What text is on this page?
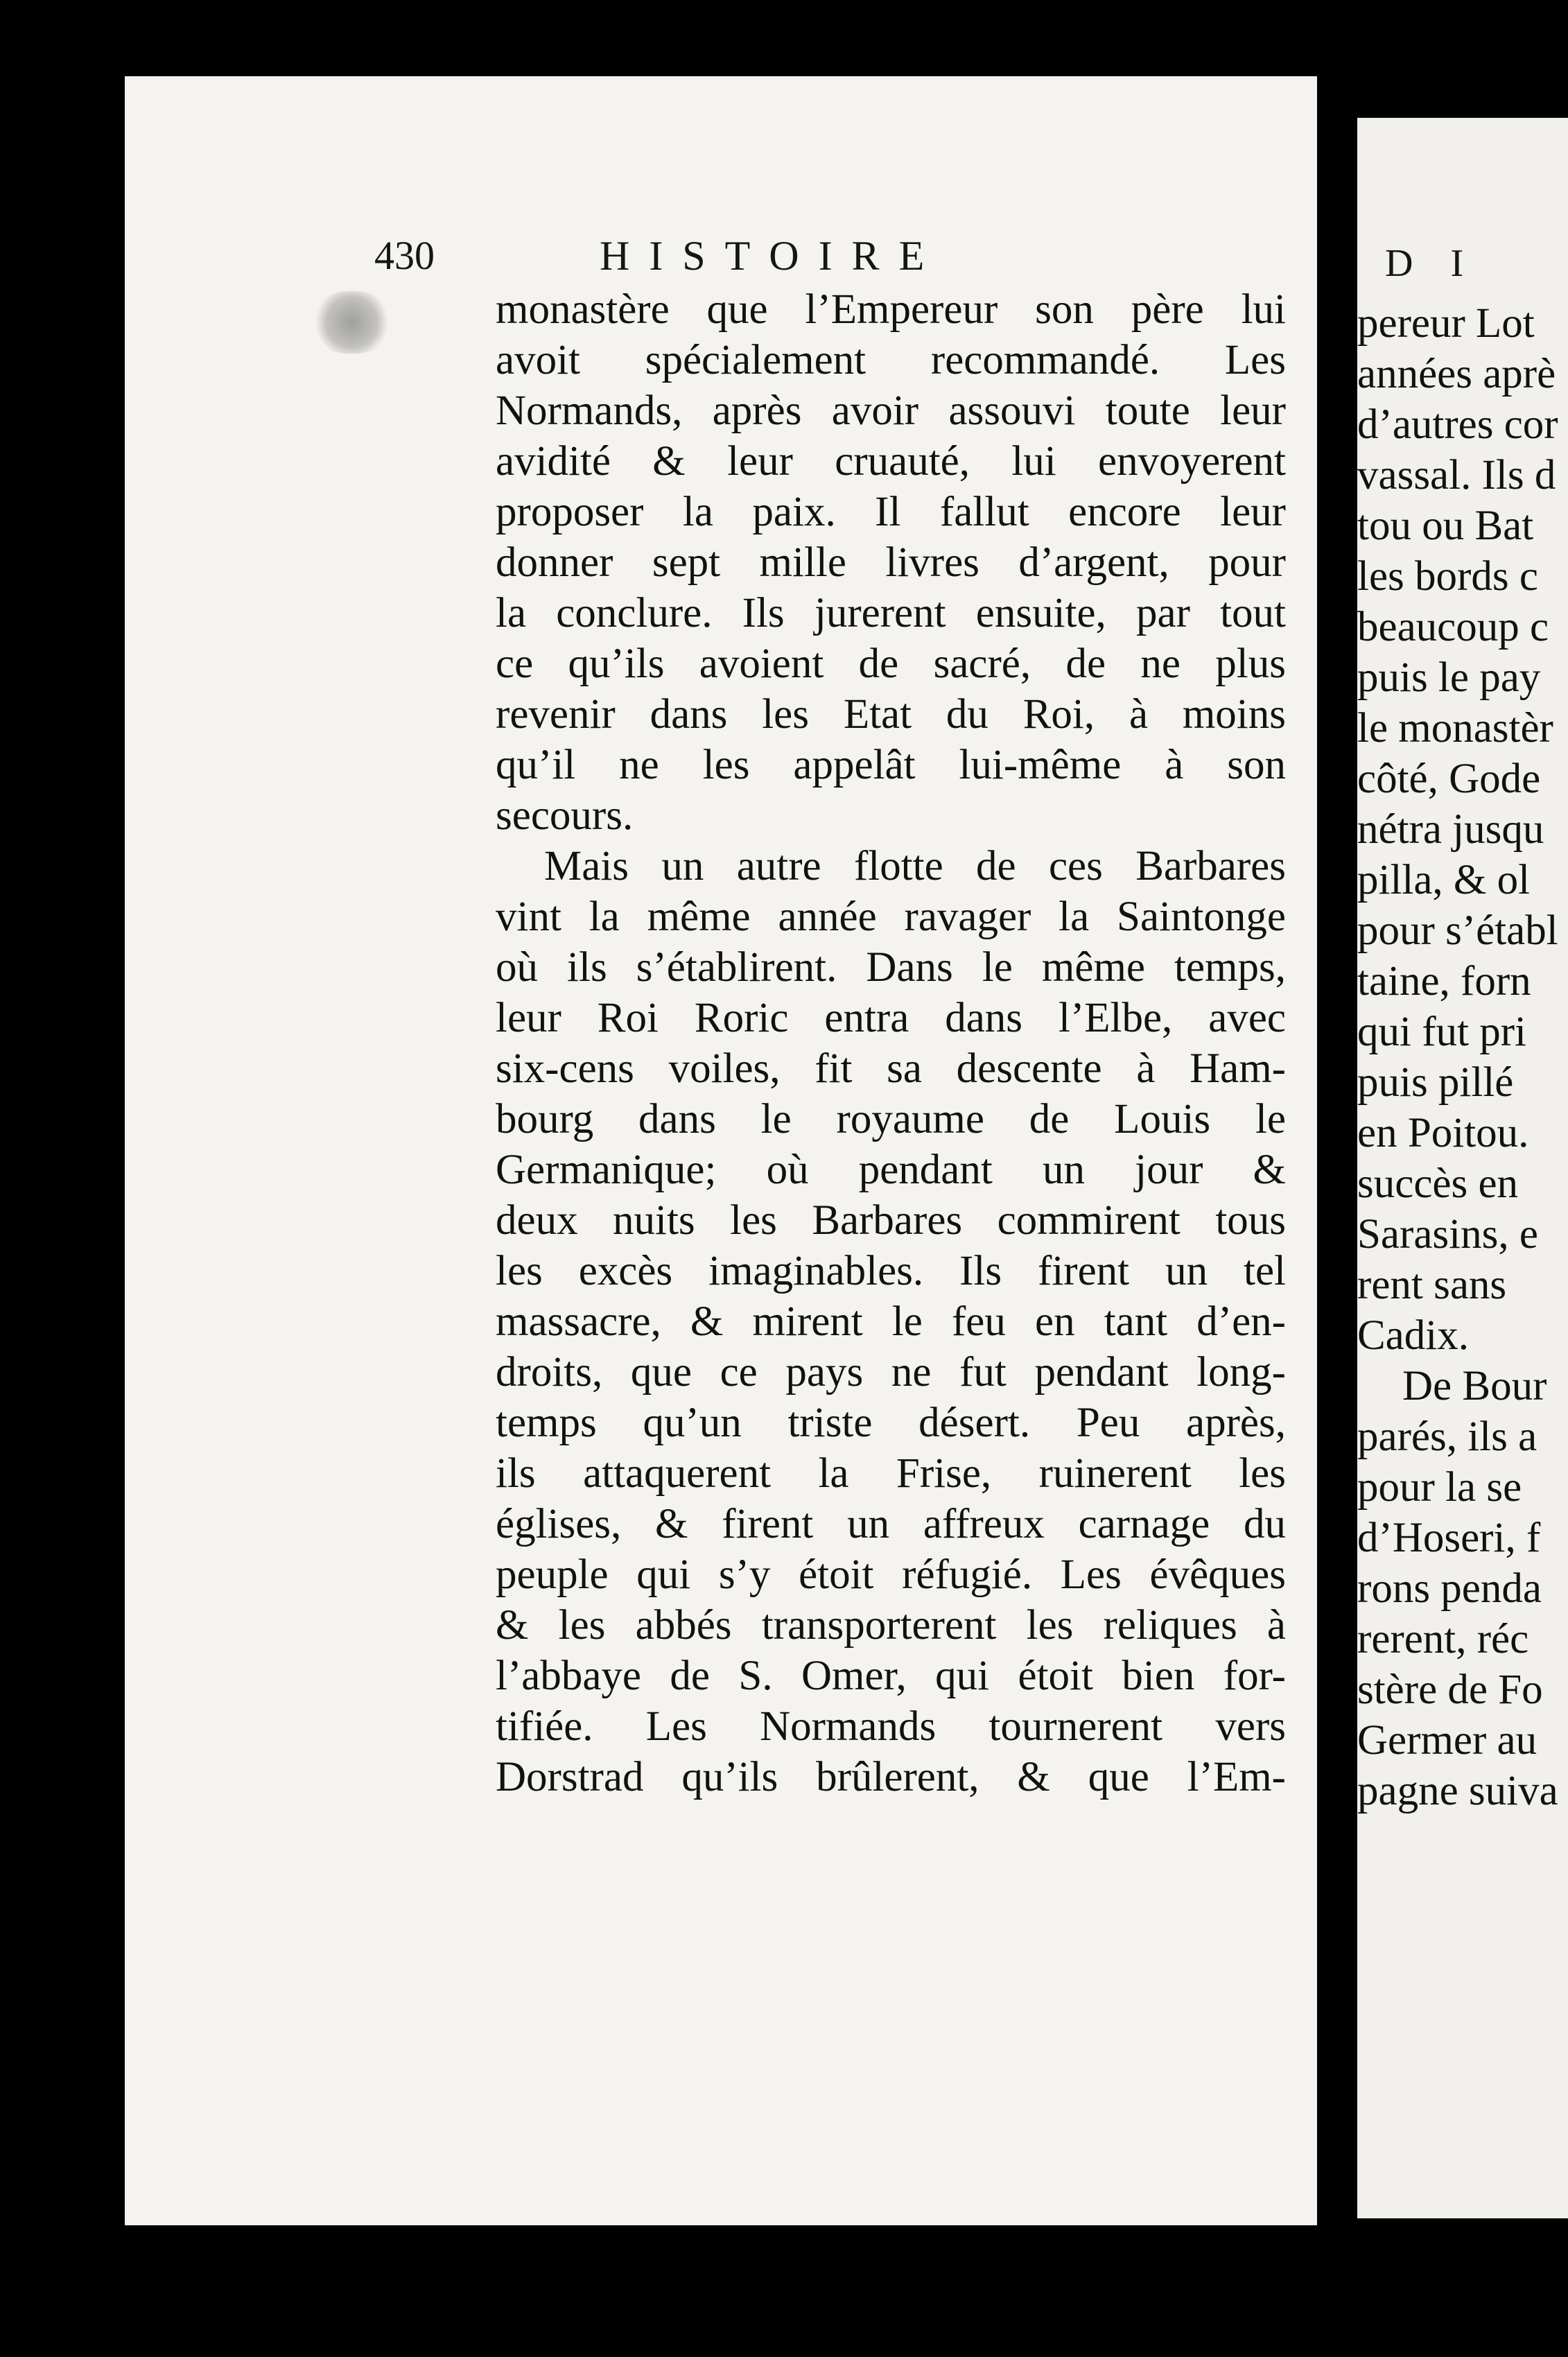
430	HISTOIRE
monastère que l’Empereur son père lui
avoit spécialement recommandé. Les
Normands, après avoir assouvi toute leur
avidité & leur cruauté, lui envoyerent
proposer la paix. Il fallut encore leur
donner sept mille livres d’argent, pour
la conclure. Ils jurerent ensuite, par tout
ce qu’ils avoient de sacré, de ne plus
revenir dans les Etat du Roi, à moins
qu’il ne les appelât lui-même à son
secours.
Mais un autre flotte de ces Barbares
vint la même année ravager la Saintonge
où ils s’établirent. Dans le même temps,
leur Roi Roric entra dans l’Elbe, avec
six-cens voiles, fit sa descente à Ham-
bourg dans le royaume de Louis le
Germanique; où pendant un jour &
deux nuits les Barbares commirent tous
les excès imaginables. Ils firent un tel
massacre, & mirent le feu en tant d’en-
droits, que ce pays ne fut pendant long-
temps qu’un triste désert. Peu après,
ils attaquerent la Frise, ruinerent les
églises, & firent un affreux carnage du
peuple qui s’y étoit réfugié. Les évêques
& les abbés transporterent les reliques à
l’abbaye de S. Omer, qui étoit bien for-
tifiée. Les Normands tournerent vers
Dorstrad qu’ils brûlerent, & que l’Em-
D I
pereur Lot
années aprè
d’autres cor
vassal. Ils d
tou ou Bat
les bords c
beaucoup c
puis le pay
le monastèr
côté, Gode
nétra jusqu
pilla, & ol
pour s’établ
taine, forn
qui fut pri
puis pillé
en Poitou.
succès en
Sarasins, e
rent sans
Cadix.
De Bour
parés, ils a
pour la se
d’Hoseri, f
rons penda
rerent, réc
stère de Fo
Germer au
pagne suiva
